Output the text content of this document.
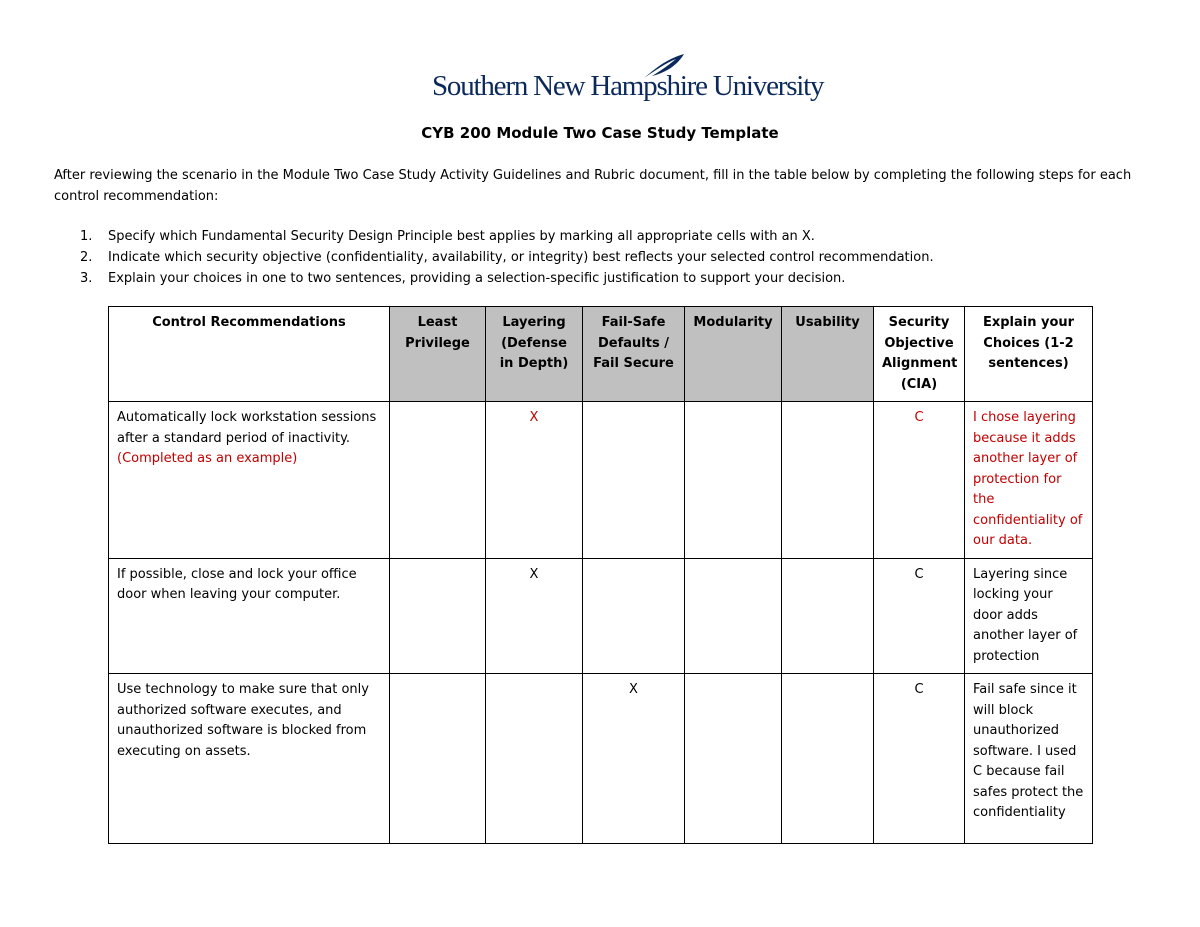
Southern New Hampshire University
CYB 200 Module Two Case Study Template

After reviewing the scenario in the Module Two Case Study Activity Guidelines and Rubric document, fill in the table below by completing the following steps for each control recommendation:

1. Specify which Fundamental Security Design Principle best applies by marking all appropriate cells with an X.
2. Indicate which security objective (confidentiality, availability, or integrity) best reflects your selected control recommendation.
3. Explain your choices in one to two sentences, providing a selection-specific justification to support your decision.
Control Recommendations	Least Privilege	Layering (Defense in Depth)	Fail-Safe Defaults / Fail Secure	Modularity	Usability	Security Objective Alignment (CIA)	Explain your Choices (1-2 sentences)
Automatically lock workstation sessions after a standard period of inactivity. (Completed as an example)		X				C	I chose layering because it adds another layer of protection for the confidentiality of our data.
If possible, close and lock your office door when leaving your computer.		X				C	Layering since locking your door adds another layer of protection
Use technology to make sure that only authorized software executes, and unauthorized software is blocked from executing on assets.			X			C	Fail safe since it will block unauthorized software. I used C because fail safes protect the confidentiality
